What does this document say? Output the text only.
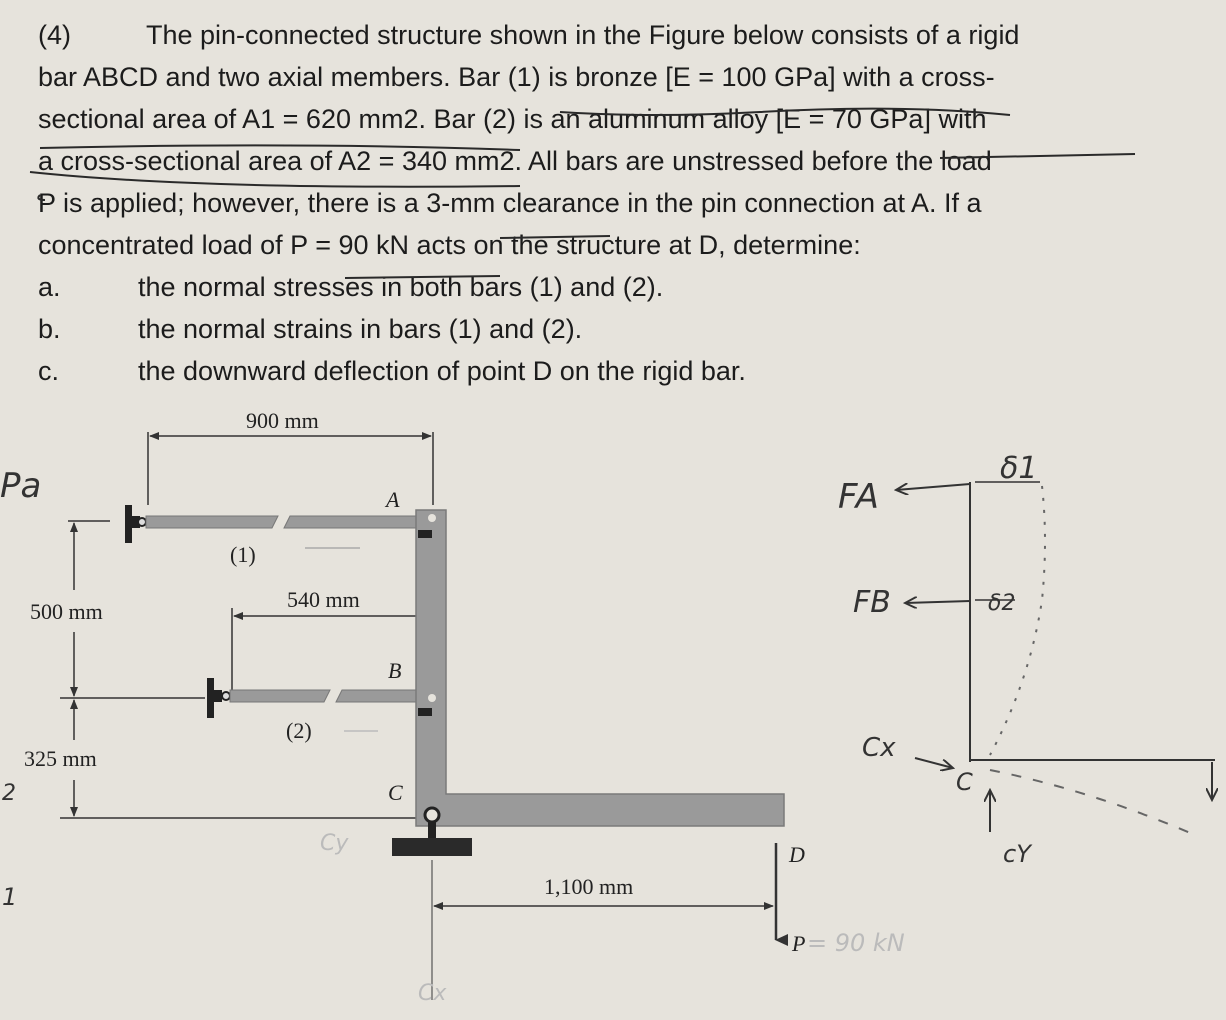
(4)	The pin-connected structure shown in the Figure below consists of a rigid
bar ABCD and two axial members. Bar (1) is bronze [E = 100 GPa] with a cross-
sectional area of A1 = 620 mm2. Bar (2) is an aluminum alloy [E = 70 GPa] with
a cross-sectional area of A2 = 340 mm2. All bars are unstressed before the load
P is applied; however, there is a 3-mm clearance in the pin connection at A. If a
concentrated load of P = 90 kN acts on the structure at D, determine:
a.	the normal stresses in both bars (1) and (2).
b.	the normal strains in bars (1) and (2).
c.	the downward deflection of point D on the rigid bar.
900 mm
500 mm
325 mm
540 mm
(1)
(2)
A
B
C
D
1,100 mm
P = 90 kN
Cy
Cx
Pa
2
1
FA
FB
δ1
δ2
Cx
C
cY
